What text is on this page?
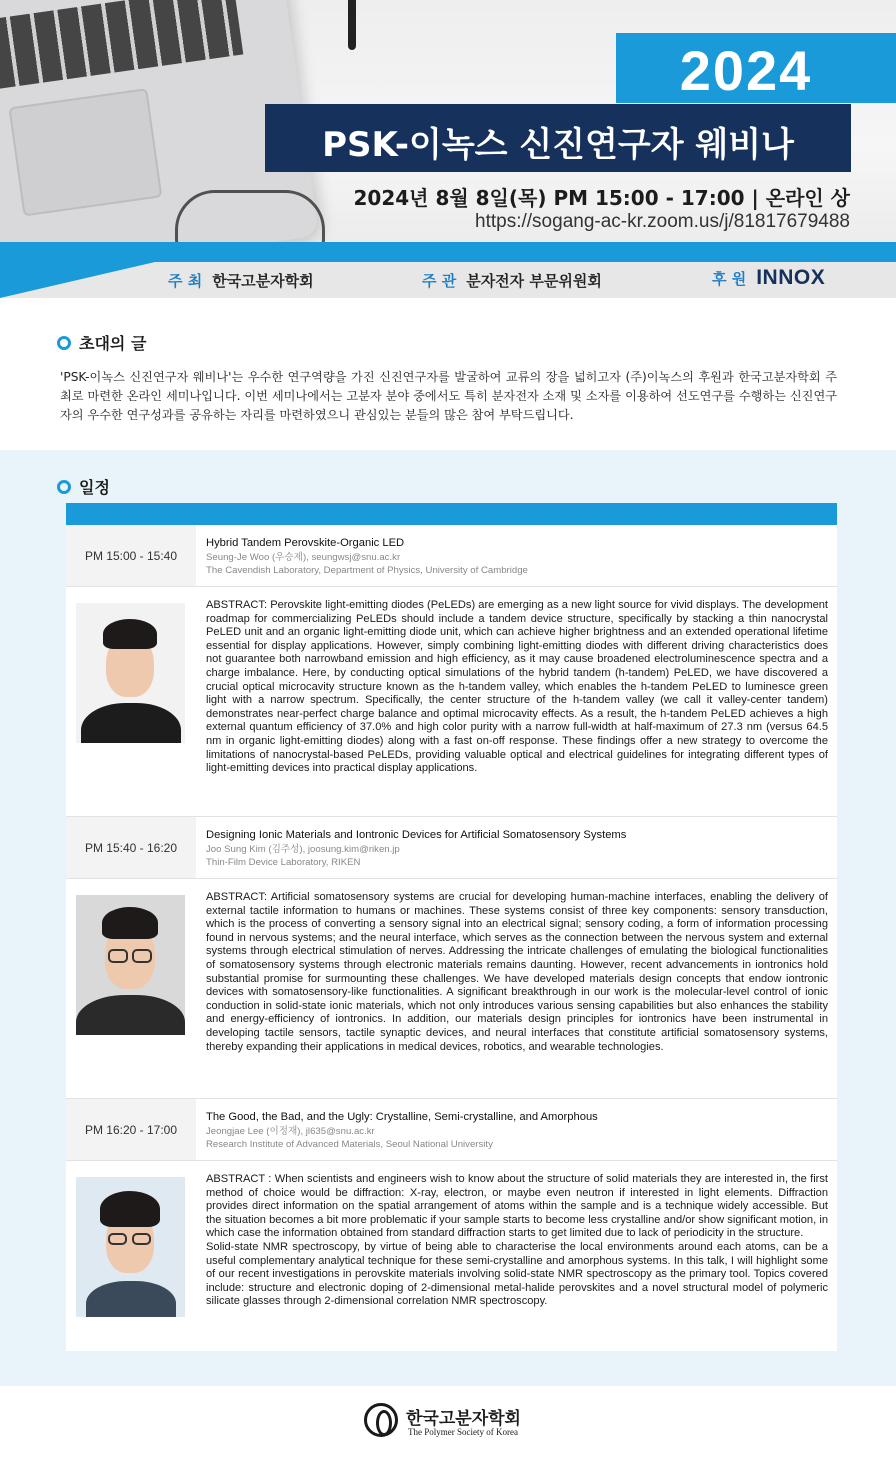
2024
PSK-이녹스 신진연구자 웨비나
2024년 8월 8일(목) PM 15:00 - 17:00 | 온라인 상
https://sogang-ac-kr.zoom.us/j/81817679488
주 최 한국고분자학회	주 관 분자전자 부문위원회	후 원 INNOX
초대의 글
'PSK-이녹스 신진연구자 웨비나'는 우수한 연구역량을 가진 신진연구자를 발굴하여 교류의 장을 넓히고자 (주)이녹스의 후원과 한국고분자학회 주최로 마련한 온라인 세미나입니다. 이번 세미나에서는 고분자 분야 중에서도 특히 분자전자 소재 및 소자를 이용하여 선도연구를 수행하는 신진연구자의 우수한 연구성과를 공유하는 자리를 마련하였으니 관심있는 분들의 많은 참여 부탁드립니다.
일정
PM 15:00 - 15:40
Hybrid Tandem Perovskite-Organic LED
Seung-Je Woo (우승제), seungwsj@snu.ac.kr
The Cavendish Laboratory, Department of Physics, University of Cambridge
ABSTRACT: Perovskite light-emitting diodes (PeLEDs) are emerging as a new light source for vivid displays. The development roadmap for commercializing PeLEDs should include a tandem device structure, specifically by stacking a thin nanocrystal PeLED unit and an organic light-emitting diode unit, which can achieve higher brightness and an extended operational lifetime essential for display applications. However, simply combining light-emitting diodes with different driving characteristics does not guarantee both narrowband emission and high efficiency, as it may cause broadened electroluminescence spectra and a charge imbalance. Here, by conducting optical simulations of the hybrid tandem (h-tandem) PeLED, we have discovered a crucial optical microcavity structure known as the h-tandem valley, which enables the h-tandem PeLED to luminesce green light with a narrow spectrum. Specifically, the center structure of the h-tandem valley (we call it valley-center tandem) demonstrates near-perfect charge balance and optimal microcavity effects. As a result, the h-tandem PeLED achieves a high external quantum efficiency of 37.0% and high color purity with a narrow full-width at half-maximum of 27.3 nm (versus 64.5 nm in organic light-emitting diodes) along with a fast on-off response. These findings offer a new strategy to overcome the limitations of nanocrystal-based PeLEDs, providing valuable optical and electrical guidelines for integrating different types of light-emitting devices into practical display applications.
PM 15:40 - 16:20
Designing Ionic Materials and Iontronic Devices for Artificial Somatosensory Systems
Joo Sung Kim (김주성), joosung.kim@riken.jp
Thin-Film Device Laboratory, RIKEN
ABSTRACT: Artificial somatosensory systems are crucial for developing human-machine interfaces, enabling the delivery of external tactile information to humans or machines. These systems consist of three key components: sensory transduction, which is the process of converting a sensory signal into an electrical signal; sensory coding, a form of information processing found in nervous systems; and the neural interface, which serves as the connection between the nervous system and external systems through electrical stimulation of nerves. Addressing the intricate challenges of emulating the biological functionalities of somatosensory systems through electronic materials remains daunting. However, recent advancements in iontronics hold substantial promise for surmounting these challenges. We have developed materials design concepts that endow iontronic devices with somatosensory-like functionalities. A significant breakthrough in our work is the molecular-level control of ionic conduction in solid-state ionic materials, which not only introduces various sensing capabilities but also enhances the stability and energy-efficiency of iontronics. In addition, our materials design principles for iontronics have been instrumental in developing tactile sensors, tactile synaptic devices, and neural interfaces that constitute artificial somatosensory systems, thereby expanding their applications in medical devices, robotics, and wearable technologies.
PM 16:20 - 17:00
The Good, the Bad, and the Ugly: Crystalline, Semi-crystalline, and Amorphous
Jeongjae Lee (이정재), jl635@snu.ac.kr
Research Institute of Advanced Materials, Seoul National University
ABSTRACT : When scientists and engineers wish to know about the structure of solid materials they are interested in, the first method of choice would be diffraction: X-ray, electron, or maybe even neutron if interested in light elements. Diffraction provides direct information on the spatial arrangement of atoms within the sample and is a technique widely accessible. But the situation becomes a bit more problematic if your sample starts to become less crystalline and/or show significant motion, in which case the information obtained from standard diffraction starts to get limited due to lack of periodicity in the structure.
Solid-state NMR spectroscopy, by virtue of being able to characterise the local environments around each atoms, can be a useful complementary analytical technique for these semi-crystalline and amorphous systems. In this talk, I will highlight some of our recent investigations in perovskite materials involving solid-state NMR spectroscopy as the primary tool. Topics covered include: structure and electronic doping of 2-dimensional metal-halide perovskites and a novel structural model of polymeric silicate glasses through 2-dimensional correlation NMR spectroscopy.
한국고분자학회
The Polymer Society of Korea
